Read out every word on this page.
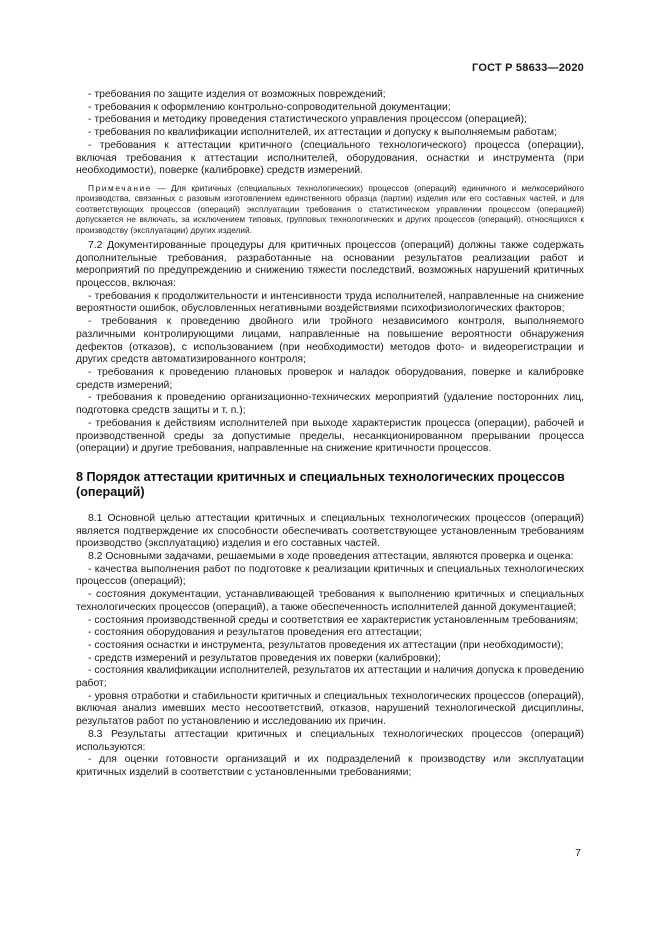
ГОСТ Р 58633—2020

- требования по защите изделия от возможных повреждений;

- требования к оформлению контрольно-сопроводительной документации;

- требования и методику проведения статистического управления процессом (операцией);

- требования по квалификации исполнителей, их аттестации и допуску к выполняемым работам;

- требования к аттестации критичного (специального технологического) процесса (операции), включая требования к аттестации исполнителей, оборудования, оснастки и инструмента (при необходимости), поверке (калибровке) средств измерений.

Примечание — Для критичных (специальных технологических) процессов (операций) единичного и мелкосерийного производства, связанных с разовым изготовлением единственного образца (партии) изделия или его составных частей, и для соответствующих процессов (операций) эксплуатации требования о статистическом управлении процессом (операцией) допускается не включать, за исключением типовых, групповых технологических и других процессов (операций), относящихся к производству (эксплуатации) других изделий.

7.2 Документированные процедуры для критичных процессов (операций) должны также содержать дополнительные требования, разработанные на основании результатов реализации работ и мероприятий по предупреждению и снижению тяжести последствий, возможных нарушений критичных процессов, включая:

- требования к продолжительности и интенсивности труда исполнителей, направленные на снижение вероятности ошибок, обусловленных негативными воздействиями психофизиологических факторов;

- требования к проведению двойного или тройного независимого контроля, выполняемого различными контролирующими лицами, направленные на повышение вероятности обнаружения дефектов (отказов), с использованием (при необходимости) методов фото- и видеорегистрации и других средств автоматизированного контроля;

- требования к проведению плановых проверок и наладок оборудования, поверке и калибровке средств измерений;

- требования к проведению организационно-технических мероприятий (удаление посторонних лиц, подготовка средств защиты и т. п.);

- требования к действиям исполнителей при выходе характеристик процесса (операции), рабочей и производственной среды за допустимые пределы, несанкционированном прерывании процесса (операции) и другие требования, направленные на снижение критичности процессов.

8 Порядок аттестации критичных и специальных технологических процессов (операций)

8.1 Основной целью аттестации критичных и специальных технологических процессов (операций) является подтверждение их способности обеспечивать соответствующее установленным требованиям производство (эксплуатацию) изделия и его составных частей.

8.2 Основными задачами, решаемыми в ходе проведения аттестации, являются проверка и оценка:

- качества выполнения работ по подготовке к реализации критичных и специальных технологических процессов (операций);

- состояния документации, устанавливающей требования к выполнению критичных и специальных технологических процессов (операций), а также обеспеченность исполнителей данной документацией;

- состояния производственной среды и соответствия ее характеристик установленным требованиям;

- состояния оборудования и результатов проведения его аттестации;

- состояния оснастки и инструмента, результатов проведения их аттестации (при необходимости);

- средств измерений и результатов проведения их поверки (калибровки);

- состояния квалификации исполнителей, результатов их аттестации и наличия допуска к проведению работ;

- уровня отработки и стабильности критичных и специальных технологических процессов (операций), включая анализ имевших место несоответствий, отказов, нарушений технологической дисциплины, результатов работ по установлению и исследованию их причин.

8.3 Результаты аттестации критичных и специальных технологических процессов (операций) используются:

- для оценки готовности организаций и их подразделений к производству или эксплуатации критичных изделий в соответствии с установленными требованиями;

7
